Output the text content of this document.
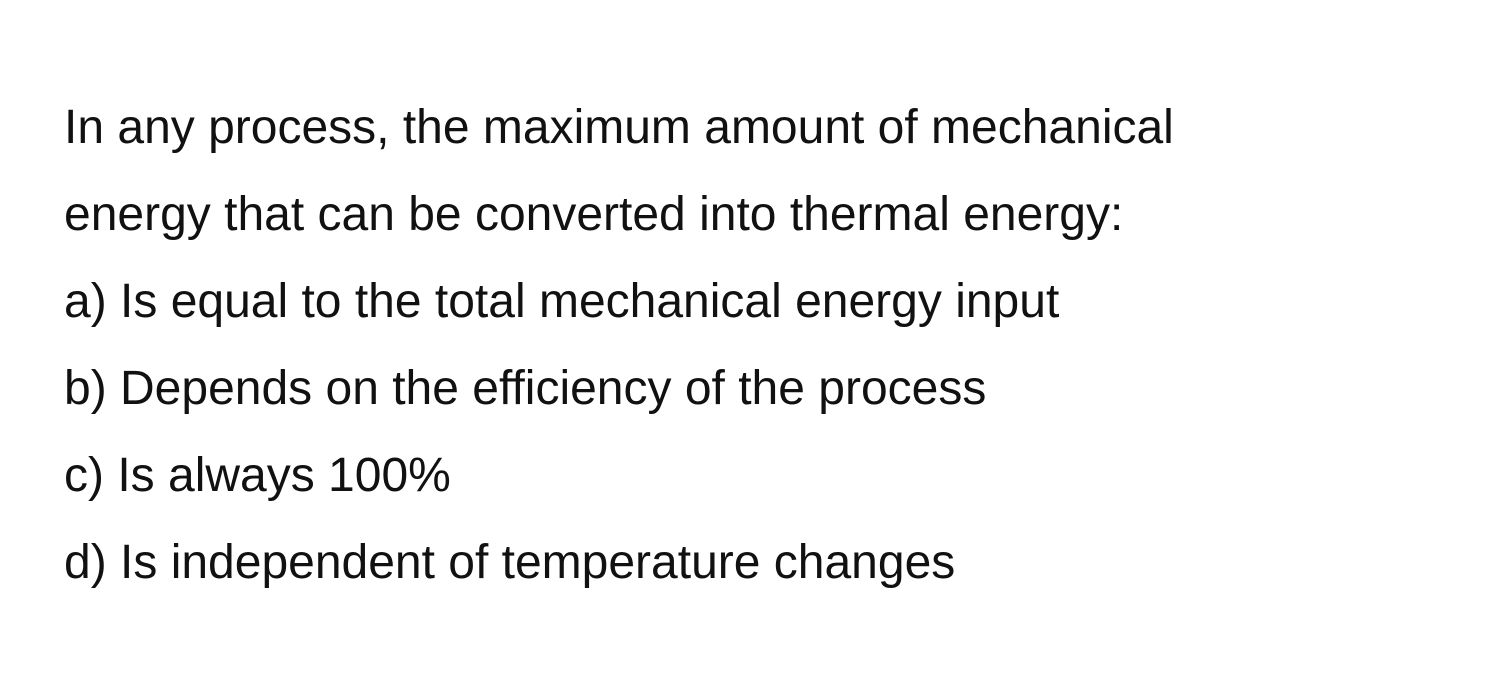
In any process, the maximum amount of mechanical
energy that can be converted into thermal energy:
a) Is equal to the total mechanical energy input
b) Depends on the efficiency of the process
c) Is always 100%
d) Is independent of temperature changes
